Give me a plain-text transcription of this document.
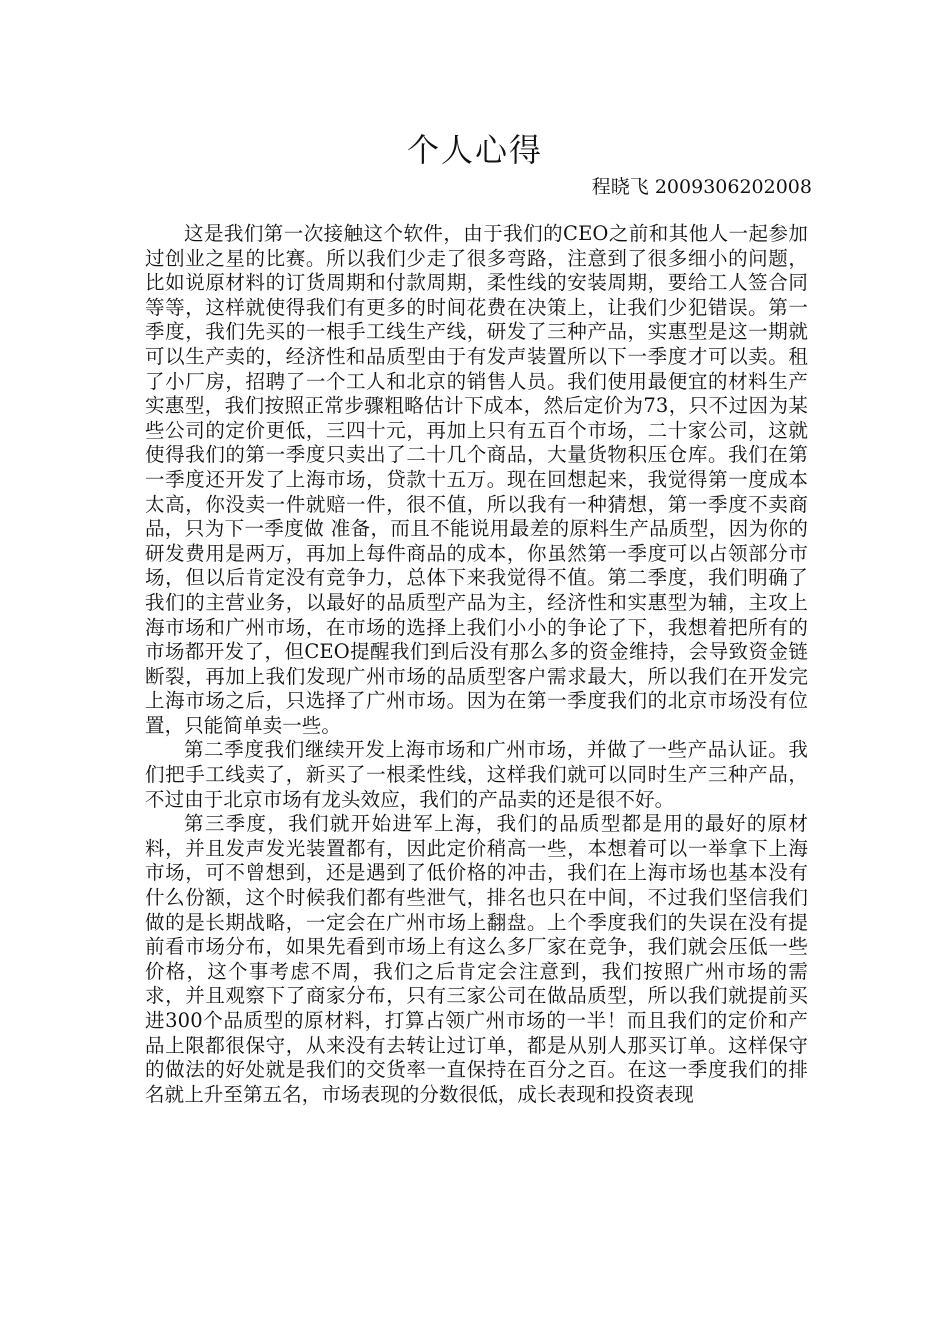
个人心得

程晓飞 2009306202008

这是我们第一次接触这个软件，由于我们的CEO之前和其他人一起参加过创业之星的比赛。所以我们少走了很多弯路，注意到了很多细小的问题，比如说原材料的订货周期和付款周期，柔性线的安装周期，要给工人签合同等等，这样就使得我们有更多的时间花费在决策上，让我们少犯错误。第一季度，我们先买的一根手工线生产线，研发了三种产品，实惠型是这一期就可以生产卖的，经济性和品质型由于有发声装置所以下一季度才可以卖。租了小厂房，招聘了一个工人和北京的销售人员。我们使用最便宜的材料生产实惠型，我们按照正常步骤粗略估计下成本，然后定价为73，只不过因为某些公司的定价更低，三四十元，再加上只有五百个市场，二十家公司，这就使得我们的第一季度只卖出了二十几个商品，大量货物积压仓库。我们在第一季度还开发了上海市场，贷款十五万。现在回想起来，我觉得第一度成本太高，你没卖一件就赔一件，很不值，所以我有一种猜想，第一季度不卖商品，只为下一季度做 准备，而且不能说用最差的原料生产品质型，因为你的研发费用是两万，再加上每件商品的成本，你虽然第一季度可以占领部分市场，但以后肯定没有竞争力，总体下来我觉得不值。第二季度，我们明确了我们的主营业务，以最好的品质型产品为主，经济性和实惠型为辅，主攻上海市场和广州市场，在市场的选择上我们小小的争论了下，我想着把所有的市场都开发了，但CEO提醒我们到后没有那么多的资金维持，会导致资金链断裂，再加上我们发现广州市场的品质型客户需求最大，所以我们在开发完上海市场之后，只选择了广州市场。因为在第一季度我们的北京市场没有位置，只能简单卖一些。

第二季度我们继续开发上海市场和广州市场，并做了一些产品认证。我们把手工线卖了，新买了一根柔性线，这样我们就可以同时生产三种产品，不过由于北京市场有龙头效应，我们的产品卖的还是很不好。

第三季度，我们就开始进军上海，我们的品质型都是用的最好的原材料，并且发声发光装置都有，因此定价稍高一些，本想着可以一举拿下上海市场，可不曾想到，还是遇到了低价格的冲击，我们在上海市场也基本没有什么份额，这个时候我们都有些泄气，排名也只在中间，不过我们坚信我们做的是长期战略，一定会在广州市场上翻盘。上个季度我们的失误在没有提前看市场分布，如果先看到市场上有这么多厂家在竞争，我们就会压低一些价格，这个事考虑不周，我们之后肯定会注意到，我们按照广州市场的需求，并且观察下了商家分布，只有三家公司在做品质型，所以我们就提前买进300个品质型的原材料，打算占领广州市场的一半！而且我们的定价和产品上限都很保守，从来没有去转让过订单，都是从别人那买订单。这样保守的做法的好处就是我们的交货率一直保持在百分之百。在这一季度我们的排名就上升至第五名，市场表现的分数很低，成长表现和投资表现
